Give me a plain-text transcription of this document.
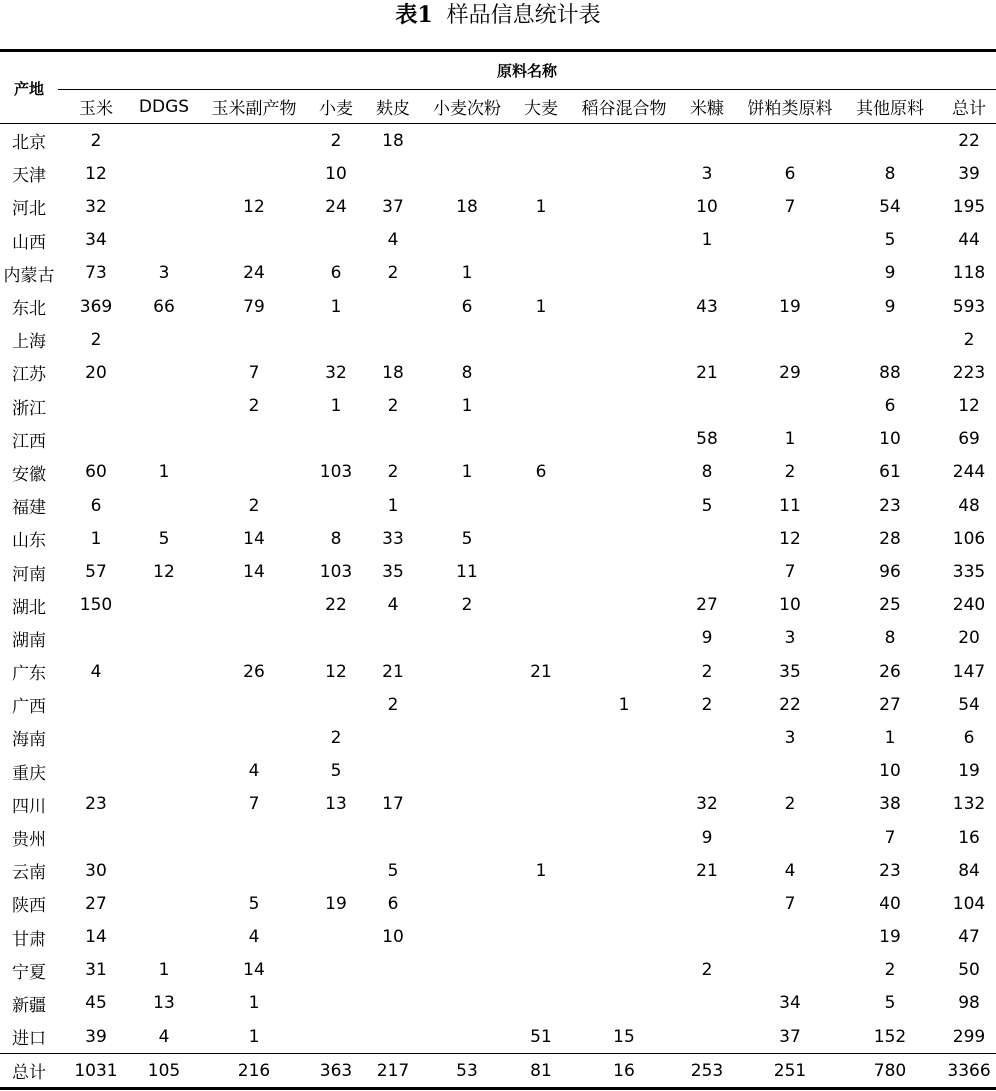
表1 样品信息统计表
产地	原料名称											
	玉米	DDGS	玉米副产物	小麦	麸皮	小麦次粉	大麦	稻谷混合物	米糠	饼粕类原料	其他原料	总计
北京	2			2	18							22
天津	12			10					3	6	8	39
河北	32		12	24	37	18	1		10	7	54	195
山西	34				4				1		5	44
内蒙古	73	3	24	6	2	1					9	118
东北	369	66	79	1		6	1		43	19	9	593
上海	2											2
江苏	20		7	32	18	8			21	29	88	223
浙江			2	1	2	1					6	12
江西									58	1	10	69
安徽	60	1		103	2	1	6		8	2	61	244
福建	6		2		1				5	11	23	48
山东	1	5	14	8	33	5				12	28	106
河南	57	12	14	103	35	11				7	96	335
湖北	150			22	4	2			27	10	25	240
湖南									9	3	8	20
广东	4		26	12	21		21		2	35	26	147
广西					2			1	2	22	27	54
海南				2						3	1	6
重庆			4	5							10	19
四川	23		7	13	17				32	2	38	132
贵州									9		7	16
云南	30				5		1		21	4	23	84
陕西	27		5	19	6					7	40	104
甘肃	14		4		10						19	47
宁夏	31	1	14						2		2	50
新疆	45	13	1							34	5	98
进口	39	4	1				51	15		37	152	299
总计	1031	105	216	363	217	53	81	16	253	251	780	3366
